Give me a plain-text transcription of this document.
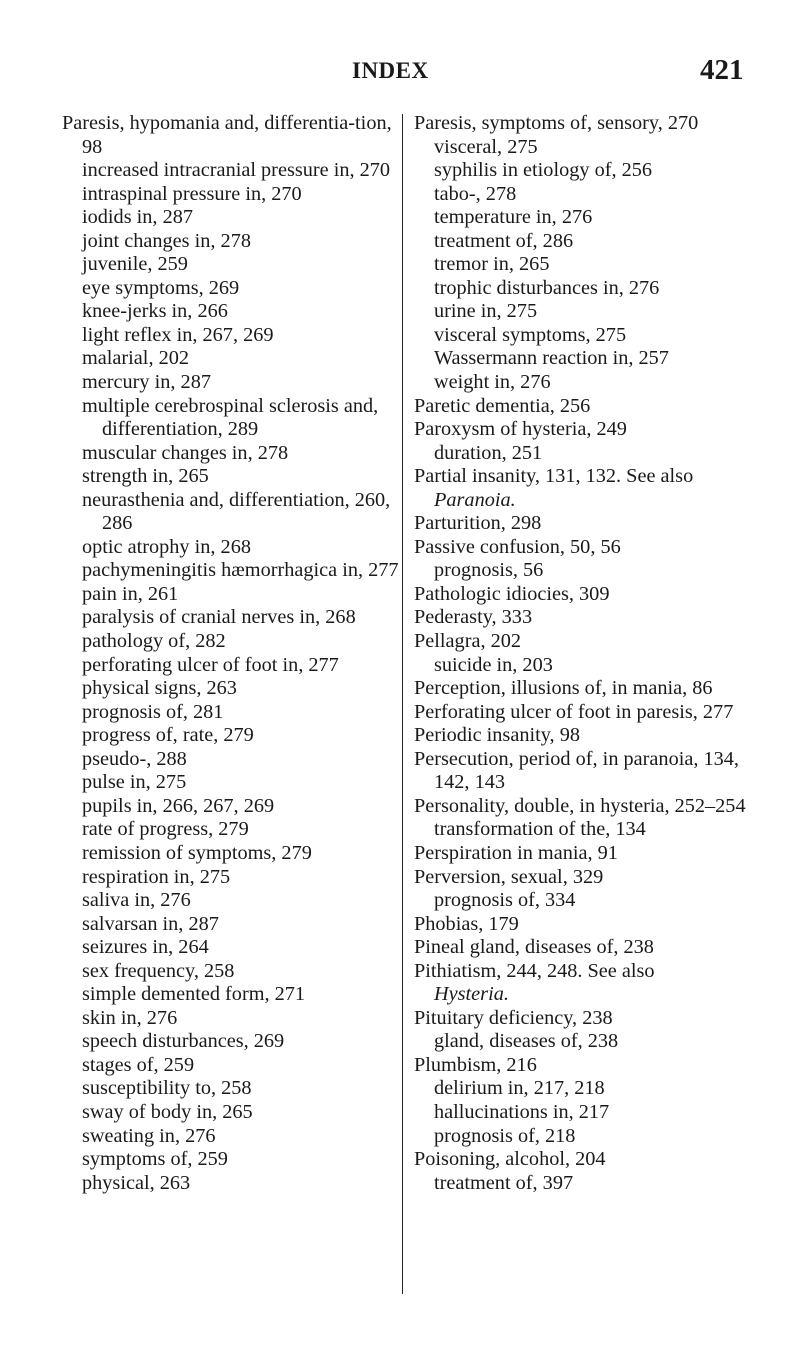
INDEX	421
Paresis, hypomania and, differentia-tion, 98
increased intracranial pressure in, 270
intraspinal pressure in, 270
iodids in, 287
joint changes in, 278
juvenile, 259
eye symptoms, 269
knee-jerks in, 266
light reflex in, 267, 269
malarial, 202
mercury in, 287
multiple cerebrospinal sclerosis and, differentiation, 289
muscular changes in, 278
strength in, 265
neurasthenia and, differentiation, 260, 286
optic atrophy in, 268
pachymeningitis hæmorrhagica in, 277
pain in, 261
paralysis of cranial nerves in, 268
pathology of, 282
perforating ulcer of foot in, 277
physical signs, 263
prognosis of, 281
progress of, rate, 279
pseudo-, 288
pulse in, 275
pupils in, 266, 267, 269
rate of progress, 279
remission of symptoms, 279
respiration in, 275
saliva in, 276
salvarsan in, 287
seizures in, 264
sex frequency, 258
simple demented form, 271
skin in, 276
speech disturbances, 269
stages of, 259
susceptibility to, 258
sway of body in, 265
sweating in, 276
symptoms of, 259
physical, 263
Paresis, symptoms of, sensory, 270
visceral, 275
syphilis in etiology of, 256
tabo-, 278
temperature in, 276
treatment of, 286
tremor in, 265
trophic disturbances in, 276
urine in, 275
visceral symptoms, 275
Wassermann reaction in, 257
weight in, 276
Paretic dementia, 256
Paroxysm of hysteria, 249
duration, 251
Partial insanity, 131, 132. See also
Paranoia.
Parturition, 298
Passive confusion, 50, 56
prognosis, 56
Pathologic idiocies, 309
Pederasty, 333
Pellagra, 202
suicide in, 203
Perception, illusions of, in mania, 86
Perforating ulcer of foot in paresis, 277
Periodic insanity, 98
Persecution, period of, in paranoia, 134, 142, 143
Personality, double, in hysteria, 252–254
transformation of the, 134
Perspiration in mania, 91
Perversion, sexual, 329
prognosis of, 334
Phobias, 179
Pineal gland, diseases of, 238
Pithiatism, 244, 248. See also
Hysteria.
Pituitary deficiency, 238
gland, diseases of, 238
Plumbism, 216
delirium in, 217, 218
hallucinations in, 217
prognosis of, 218
Poisoning, alcohol, 204
treatment of, 397
